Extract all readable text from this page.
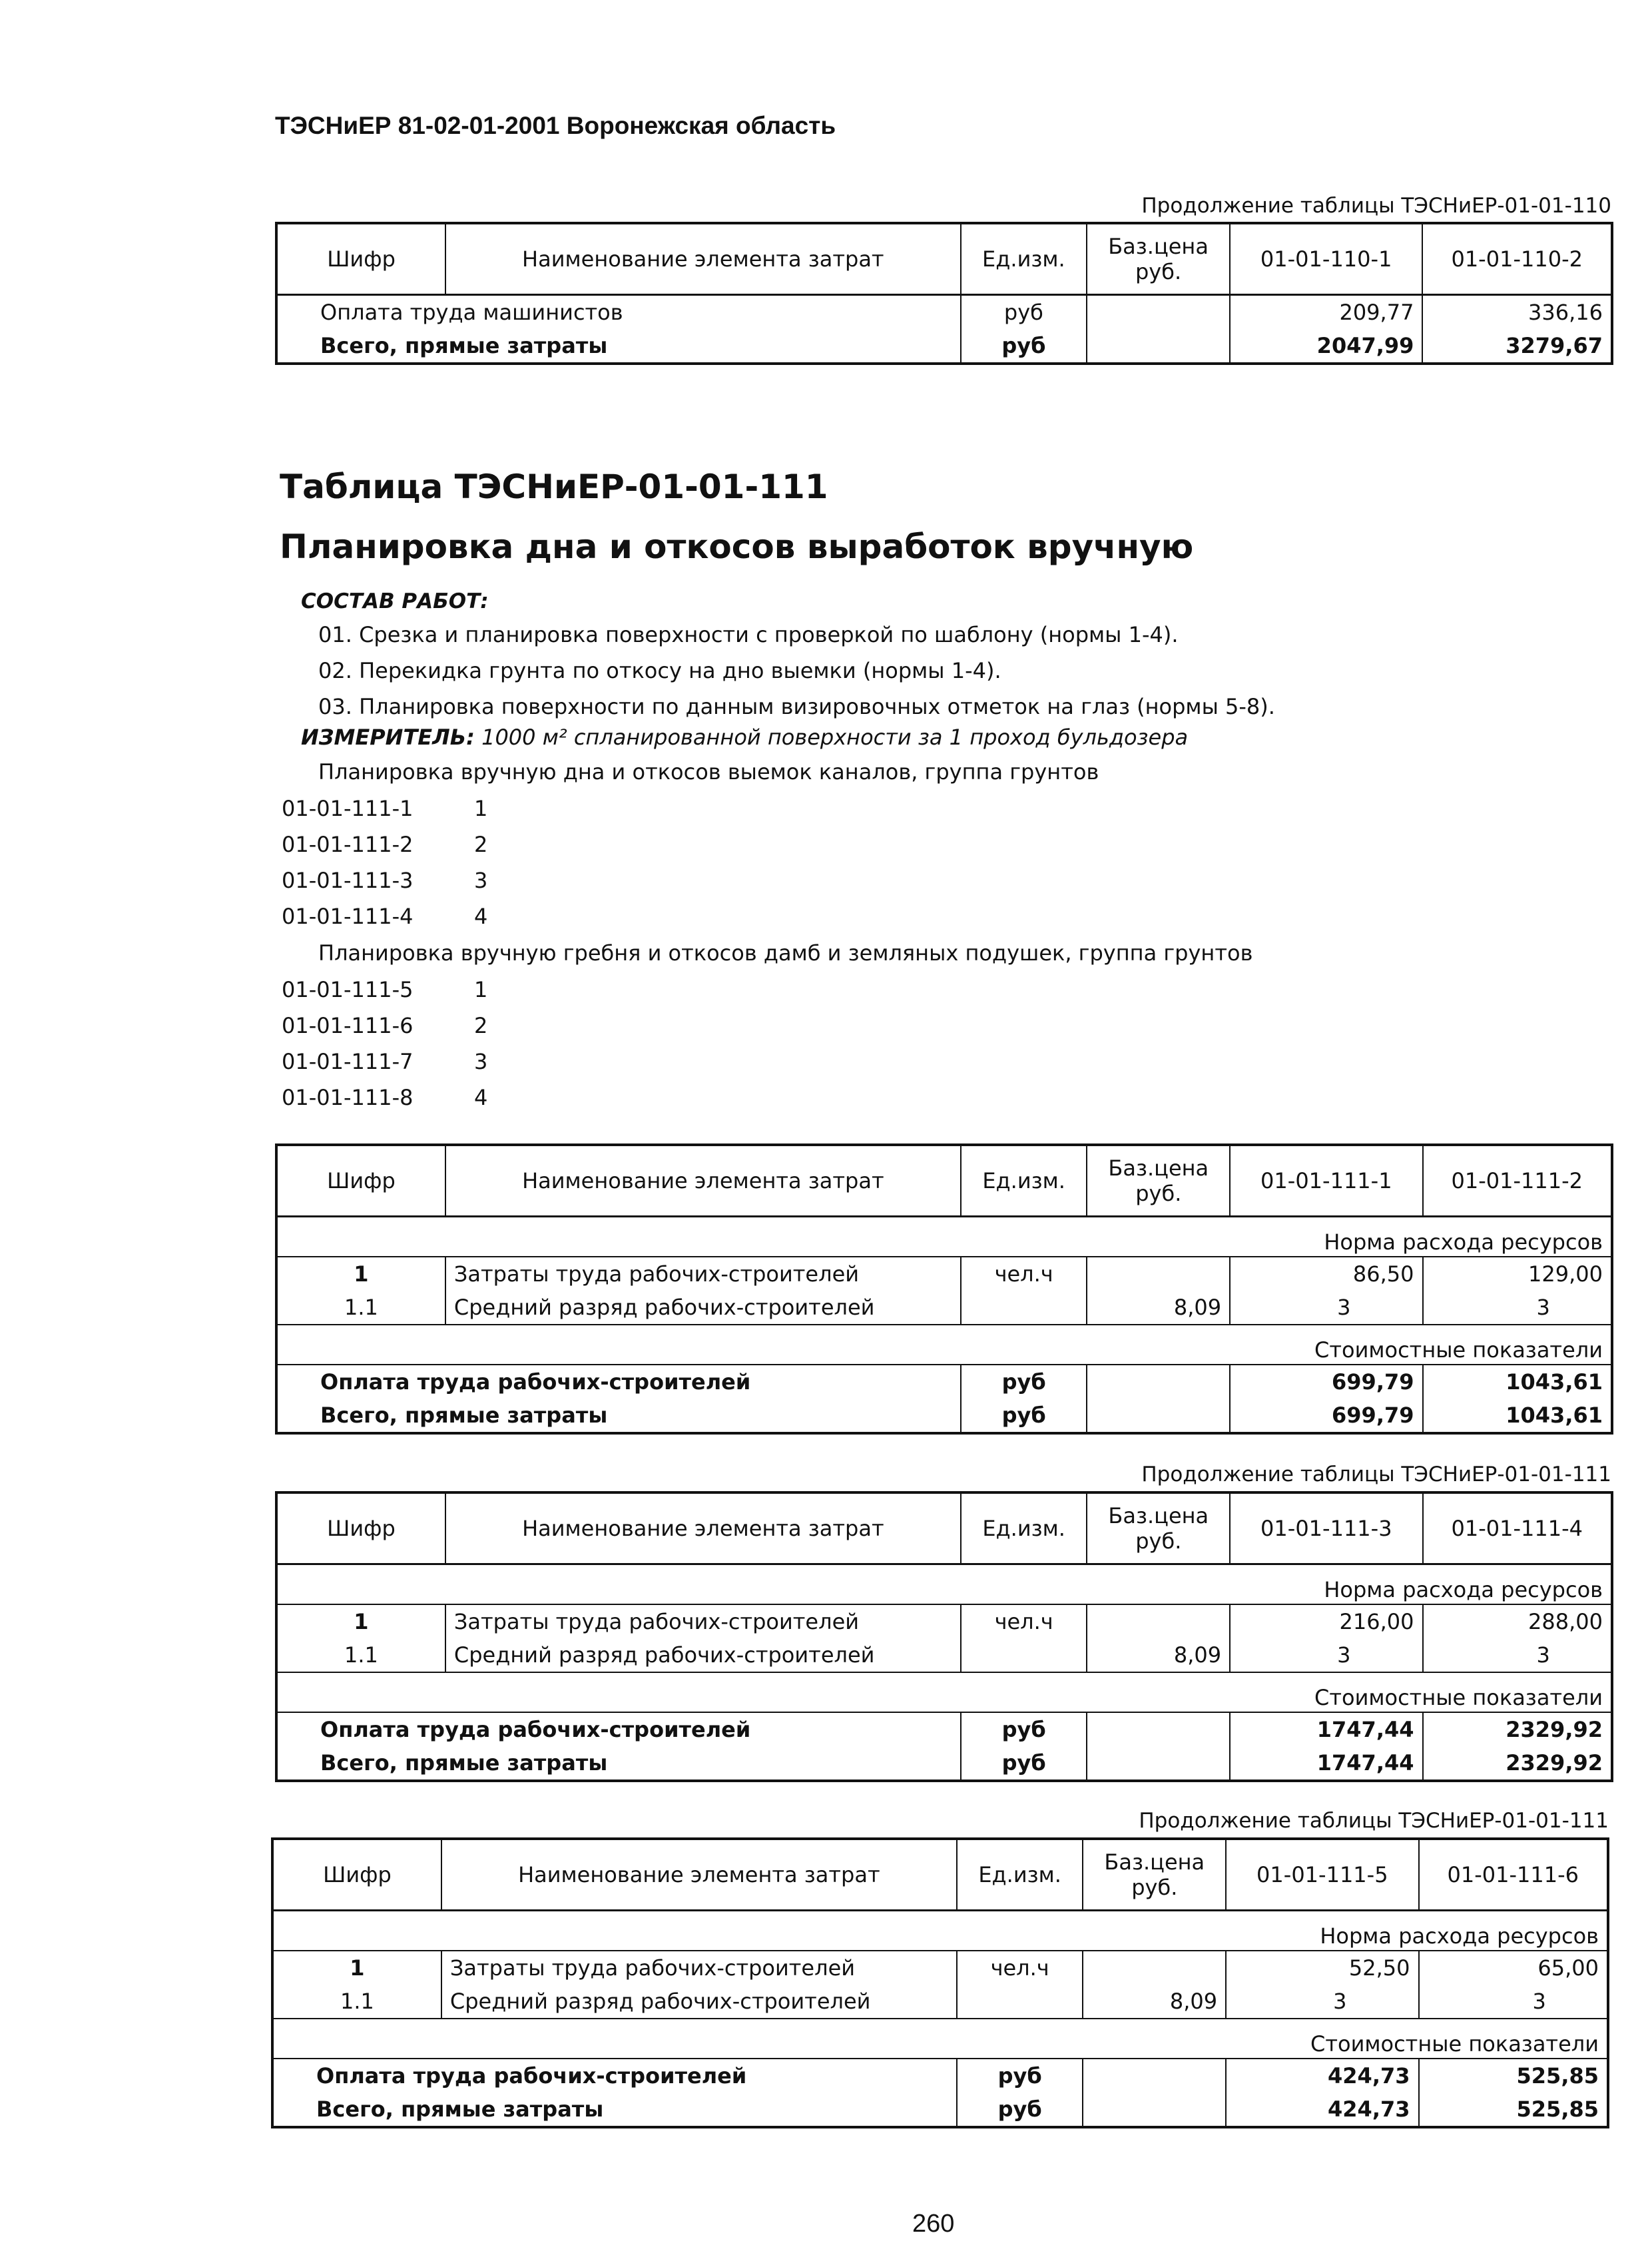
ТЭСНиЕР 81-02-01-2001 Воронежская область
Продолжение таблицы ТЭСНиЕР-01-01-110
Шифр	Наименование элемента затрат	Ед.изм.	Баз.цена руб.	01-01-110-1	01-01-110-2
Оплата труда машинистов		руб		209,77	336,16
Всего, прямые затраты		руб		2047,99	3279,67
Таблица ТЭСНиЕР-01-01-111
Планировка дна и откосов выработок вручную
СОСТАВ РАБОТ:
01. Срезка и планировка поверхности с проверкой по шаблону (нормы 1-4).
02. Перекидка грунта по откосу на дно выемки (нормы 1-4).
03. Планировка поверхности по данным визировочных отметок на глаз (нормы 5-8).
ИЗМЕРИТЕЛЬ: 1000 м² спланированной поверхности за 1 проход бульдозера
Планировка вручную дна и откосов выемок каналов, группа грунтов
01-01-111-1	1
01-01-111-2	2
01-01-111-3	3
01-01-111-4	4
Планировка вручную гребня и откосов дамб и земляных подушек, группа грунтов
01-01-111-5	1
01-01-111-6	2
01-01-111-7	3
01-01-111-8	4
Шифр	Наименование элемента затрат	Ед.изм.	Баз.цена руб.	01-01-111-1	01-01-111-2
Норма расхода ресурсов					
1	Затраты труда рабочих-строителей	чел.ч		86,50	129,00
1.1	Средний разряд рабочих-строителей		8,09	3	3
Стоимостные показатели					
Оплата труда рабочих-строителей		руб		699,79	1043,61
Всего, прямые затраты		руб		699,79	1043,61
Продолжение таблицы ТЭСНиЕР-01-01-111
Шифр	Наименование элемента затрат	Ед.изм.	Баз.цена руб.	01-01-111-3	01-01-111-4
Норма расхода ресурсов					
1	Затраты труда рабочих-строителей	чел.ч		216,00	288,00
1.1	Средний разряд рабочих-строителей		8,09	3	3
Стоимостные показатели					
Оплата труда рабочих-строителей		руб		1747,44	2329,92
Всего, прямые затраты		руб		1747,44	2329,92
Продолжение таблицы ТЭСНиЕР-01-01-111
Шифр	Наименование элемента затрат	Ед.изм.	Баз.цена руб.	01-01-111-5	01-01-111-6
Норма расхода ресурсов					
1	Затраты труда рабочих-строителей	чел.ч		52,50	65,00
1.1	Средний разряд рабочих-строителей		8,09	3	3
Стоимостные показатели					
Оплата труда рабочих-строителей		руб		424,73	525,85
Всего, прямые затраты		руб		424,73	525,85
260
